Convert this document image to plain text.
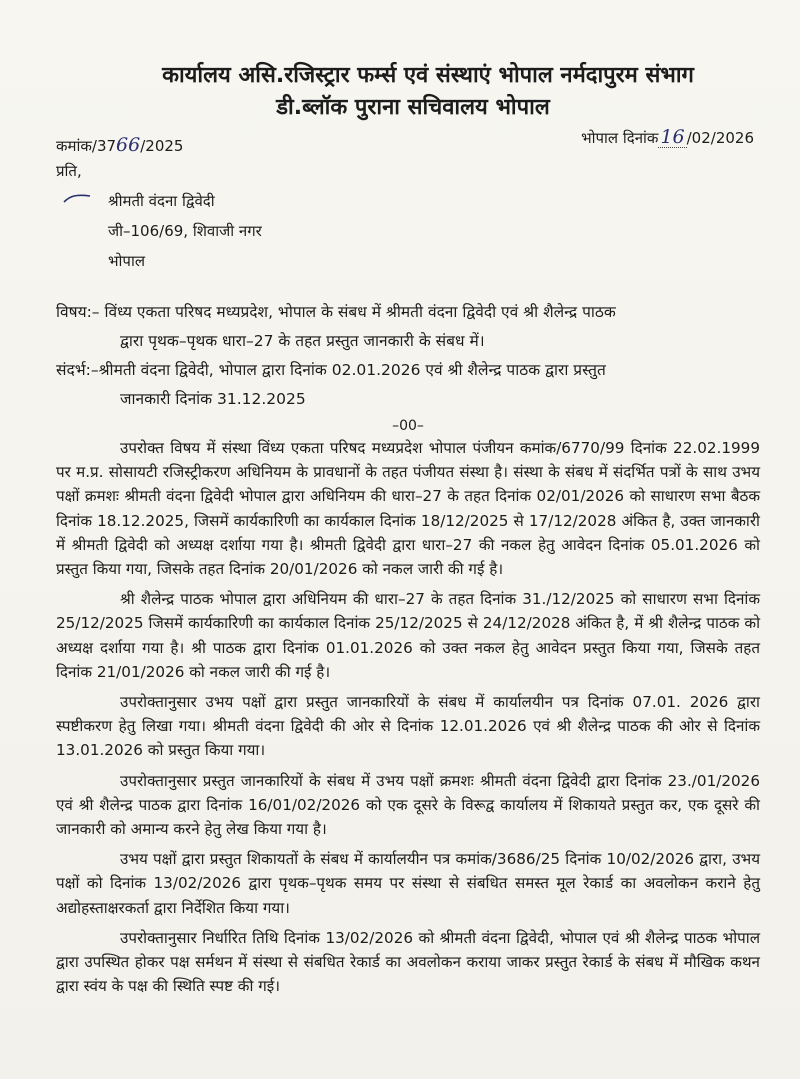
कार्यालय असि.रजिस्ट्रार फर्म्स एवं संस्थाएं भोपाल नर्मदापुरम संभाग
डी.ब्लॉक पुराना सचिवालय भोपाल
कमांक/3766/2025	भोपाल दिनांक 16 /02/2026
प्रति,
श्रीमती वंदना द्विवेदी
जी–106/69, शिवाजी नगर
भोपाल
विषय:– विंध्य एकता परिषद मध्यप्रदेश, भोपाल के संबध में श्रीमती वंदना द्विवेदी एवं श्री शैलेन्द्र पाठक
द्वारा पृथक–पृथक धारा–27 के तहत प्रस्तुत जानकारी के संबध में।
संदर्भ:–श्रीमती वंदना द्विवेदी, भोपाल द्वारा दिनांक 02.01.2026 एवं श्री शैलेन्द्र पाठक द्वारा प्रस्तुत
जानकारी दिनांक 31.12.2025
–00–

उपरोक्त विषय में संस्था विंध्य एकता परिषद मध्यप्रदेश भोपाल पंजीयन कमांक/6770/99 दिनांक 22.02.1999 पर म.प्र. सोसायटी रजिस्ट्रीकरण अधिनियम के प्रावधानों के तहत पंजीयत संस्था है। संस्था के संबध में संदर्भित पत्रों के साथ उभय पक्षों क्रमशः श्रीमती वंदना द्विवेदी भोपाल द्वारा अधिनियम की धारा–27 के तहत दिनांक 02/01/2026 को साधारण सभा बैठक दिनांक 18.12.2025, जिसमें कार्यकारिणी का कार्यकाल दिनांक 18/12/2025 से 17/12/2028 अंकित है, उक्त जानकारी में श्रीमती द्विवेदी को अध्यक्ष दर्शाया गया है। श्रीमती द्विवेदी द्वारा धारा–27 की नकल हेतु आवेदन दिनांक 05.01.2026 को प्रस्तुत किया गया, जिसके तहत दिनांक 20/01/2026 को नकल जारी की गई है।

श्री शैलेन्द्र पाठक भोपाल द्वारा अधिनियम की धारा–27 के तहत दिनांक 31./12/2025 को साधारण सभा दिनांक 25/12/2025 जिसमें कार्यकारिणी का कार्यकाल दिनांक 25/12/2025 से 24/12/2028 अंकित है, में श्री शैलेन्द्र पाठक को अध्यक्ष दर्शाया गया है। श्री पाठक द्वारा दिनांक 01.01.2026 को उक्त नकल हेतु आवेदन प्रस्तुत किया गया, जिसके तहत दिनांक 21/01/2026 को नकल जारी की गई है।

उपरोक्तानुसार उभय पक्षों द्वारा प्रस्तुत जानकारियों के संबध में कार्यालयीन पत्र दिनांक 07.01. 2026 द्वारा स्पष्टीकरण हेतु लिखा गया। श्रीमती वंदना द्विवेदी की ओर से दिनांक 12.01.2026 एवं श्री शैलेन्द्र पाठक की ओर से दिनांक 13.01.2026 को प्रस्तुत किया गया।

उपरोक्तानुसार प्रस्तुत जानकारियों के संबध में उभय पक्षों क्रमशः श्रीमती वंदना द्विवेदी द्वारा दिनांक 23./01/2026 एवं श्री शैलेन्द्र पाठक द्वारा दिनांक 16/01/02/2026 को एक दूसरे के विरूद्व कार्यालय में शिकायते प्रस्तुत कर, एक दूसरे की जानकारी को अमान्य करने हेतु लेख किया गया है।

उभय पक्षों द्वारा प्रस्तुत शिकायतों के संबध में कार्यालयीन पत्र कमांक/3686/25 दिनांक 10/02/2026 द्वारा, उभय पक्षों को दिनांक 13/02/2026 द्वारा पृथक–पृथक समय पर संस्था से संबधित समस्त मूल रेकार्ड का अवलोकन कराने हेतु अद्योहस्ताक्षरकर्ता द्वारा निर्देशित किया गया।

उपरोक्तानुसार निर्धारित तिथि दिनांक 13/02/2026 को श्रीमती वंदना द्विवेदी, भोपाल एवं श्री शैलेन्द्र पाठक भोपाल द्वारा उपस्थित होकर पक्ष सर्मथन में संस्था से संबधित रेकार्ड का अवलोकन कराया जाकर प्रस्तुत रेकार्ड के संबध में मौखिक कथन द्वारा स्वंय के पक्ष की स्थिति स्पष्ट की गई।
